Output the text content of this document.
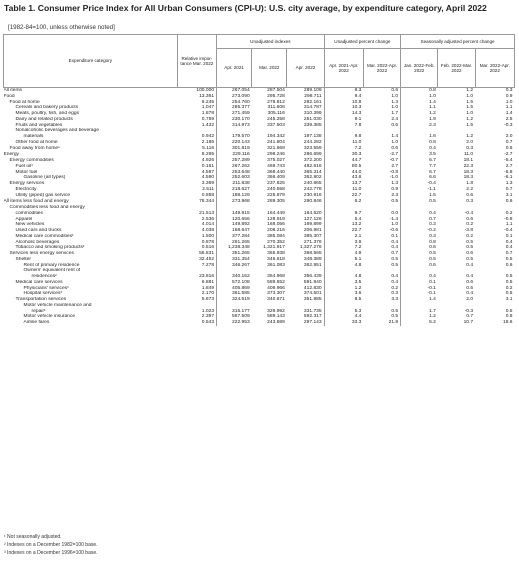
Table 1. Consumer Price Index for All Urban Consumers (CPI-U): U.S. city average, by expenditure category, April 2022
[1982-84=100, unless otherwise noted]
Expenditure category	Relative impor-tance Mar. 2022	Unadjusted indexes			Unadjusted percent change		Seasonally adjusted percent change		
		Apr. 2021	Mar. 2022	Apr. 2022	Apr. 2021-Apr. 2022	Mar. 2022-Apr. 2022	Jan. 2022-Feb. 2022	Feb. 2022-Mar. 2022	Mar. 2022-Apr. 2022
All items	100.000	267.054	287.504	289.109	8.3	0.6	0.8	1.2	0.3
Food	13.361	273.090	295.728	298.711	9.4	1.0	1.0	1.0	0.9
Food at home	8.245	254.760	278.812	282.161	10.8	1.3	1.4	1.5	1.0
Cereals and bakery products	1.047	285.377	311.606	314.787	10.3	1.0	1.1	1.5	1.1
Meats, poultry, fish, and eggs	1.878	271.459	305.116	310.399	14.3	1.7	1.2	1.0	1.4
Dairy and related products	0.759	230.170	245.258	251.030	9.1	2.4	1.9	1.2	2.5
Fruits and vegetables	1.432	314.973	337.503	339.385	7.8	0.6	2.3	1.5	-0.3
Nonalcoholic beverages and beverage									
materials	0.942	179.570	194.342	197.138	9.8	1.4	1.6	1.2	2.0
Other food at home	2.186	220.143	241.804	244.282	11.0	1.0	0.8	2.0	0.7
Food away from home¹	5.116	301.819	321.669	323.559	7.2	0.6	0.4	0.3	0.6
Energy	8.295	229.116	298.246	286.699	30.3	-2.7	3.5	11.0	-2.7
Energy commodities	4.926	257.289	375.027	372.200	44.7	-0.7	6.7	18.1	-5.4
Fuel oil¹	0.161	267.262	469.743	482.516	80.5	2.7	7.7	22.3	2.7
Motor fuel	4.587	253.648	368.440	365.314	44.0	-0.8	6.7	18.3	-5.8
Gasoline (all types)	4.590	252.603	366.409	362.802	43.6	-1.0	6.6	18.3	-6.1
Energy services	3.369	211.838	237.825	240.865	13.7	1.3	-0.4	1.8	1.3
Electricity	2.511	218.627	240.558	242.778	11.0	0.9	-1.1	2.2	0.7
Utility (piped) gas service	0.858	188.129	225.879	230.916	22.7	2.3	1.5	0.6	3.1
All items less food and energy	78.344	273.968	289.305	290.846	6.2	0.5	0.5	0.3	0.6
Commodities less food and energy									
commodities	21.513	149.915	164.449	164.520	9.7	0.0	0.4	-0.4	0.2
Apparel	2.536	120.656	128.919	127.126	5.4	-1.4	0.7	0.6	-0.8
New vehicles	4.014	149.892	168.056	169.899	13.2	1.0	0.3	0.2	1.1
Used cars and trucks	4.038	168.647	208.216	206.981	22.7	-0.6	-0.2	-3.8	-0.4
Medical care commodities¹	1.500	377.284	385.084	385.307	2.1	0.1	0.3	0.2	0.1
Alcoholic beverages	0.878	261.265	270.352	271.376	3.9	0.4	0.8	0.5	0.4
Tobacco and smoking products¹	0.516	1,238.348	1,321.917	1,327.276	7.2	0.4	0.6	0.5	0.4
Services less energy services	56.831	351.265	365.938	368.565	4.9	0.7	0.5	0.6	0.7
Shelter	32.452	331.354	346.618	348.389	5.1	0.5	0.5	0.5	0.5
Rent of primary residence	7.278	346.267	361.083	362.951	4.8	0.5	0.6	0.4	0.6
Owners' equivalent rent of									
residences²	23.816	340.162	354.968	356.439	4.8	0.4	0.4	0.4	0.5
Medical care services	6.881	572.108	589.652	591.940	3.5	0.4	0.1	0.6	0.5
Physicians' services¹	1.849	405.869	409.966	412.830	1.2	0.2	-0.1	0.5	0.2
Hospital services³	2.170	361.585	373.307	374.501	3.6	0.3	-0.1	0.4	0.5
Transportation services	5.673	324.519	340.671	351.985	8.5	3.3	1.4	2.0	3.1
Motor vehicle maintenance and									
repair¹	1.023	315.177	329.992	331.735	5.3	0.5	1.7	-0.3	0.5
Motor vehicle insurance	2.397	567.509	589.143	592.317	4.4	0.5	1.2	0.7	0.8
Airline fares	0.543	222.953	243.689	297.143	33.3	21.9	5.2	10.7	18.6
¹ Not seasonally adjusted.
² Indexes on a December 1982=100 base.
³ Indexes on a December 1996=100 base.
